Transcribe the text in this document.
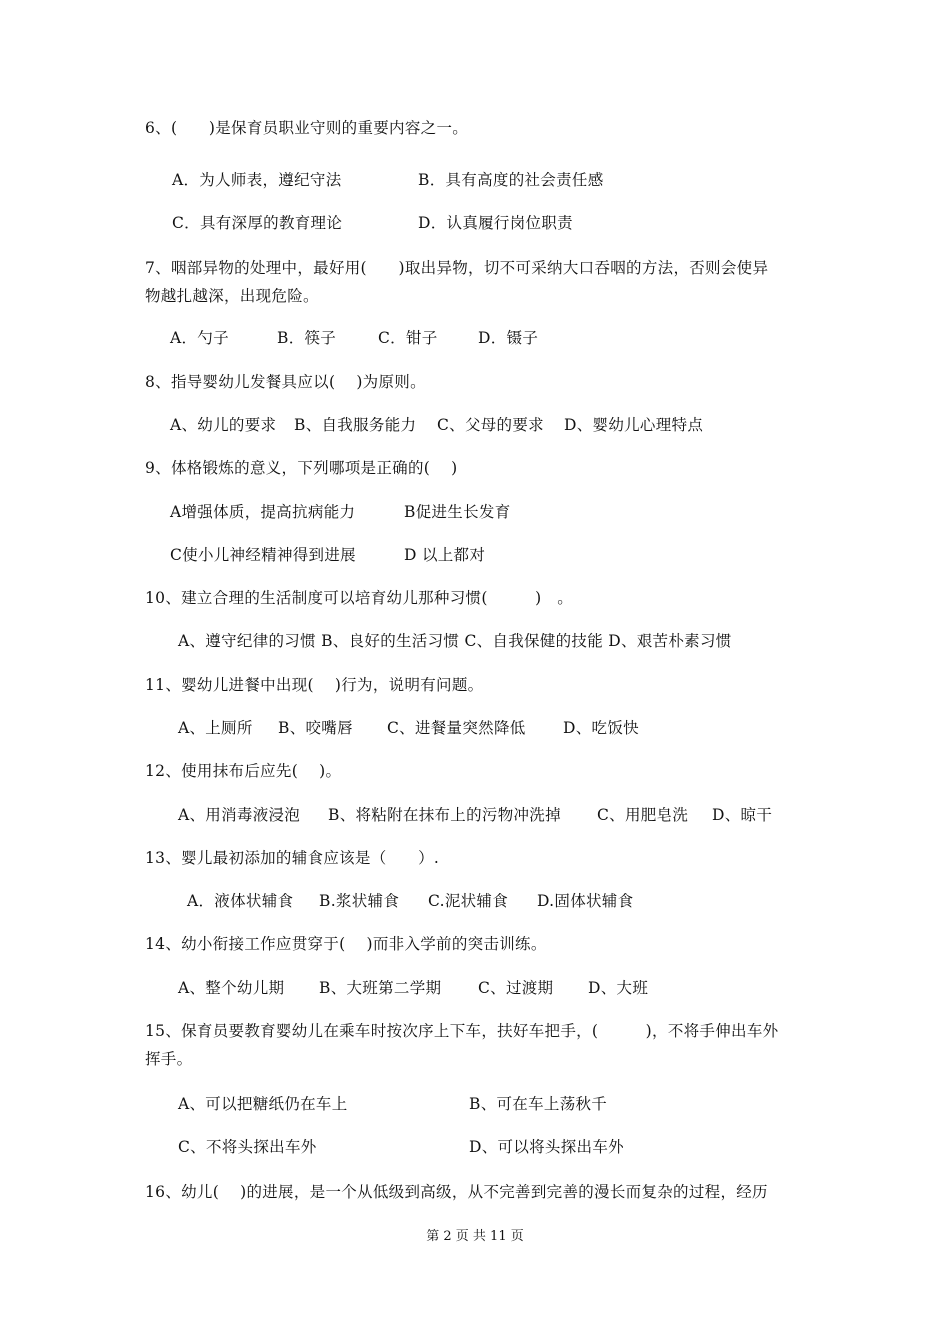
6、(　　)是保育员职业守则的重要内容之一。
A．为人师表，遵纪守法	B．具有高度的社会责任感
C．具有深厚的教育理论	D．认真履行岗位职责
7、咽部异物的处理中，最好用(　　)取出异物，切不可采纳大口吞咽的方法，否则会使异
物越扎越深，出现危险。
A．勺子	B．筷子	C．钳子	D．镊子
8、指导婴幼儿发餐具应以(　 )为原则。
A、幼儿的要求 B、自我服务能力 C、父母的要求 D、婴幼儿心理特点
9、体格锻炼的意义，下列哪项是正确的(　 )
A增强体质，提高抗病能力	B促进生长发育
C使小儿神经精神得到进展	D 以上都对
10、建立合理的生活制度可以培育幼儿那种习惯(　　　)　。
A、遵守纪律的习惯 B、良好的生活习惯 C、自我保健的技能 D、艰苦朴素习惯
11、婴幼儿进餐中出现(　 )行为，说明有问题。
A、上厕所 B、咬嘴唇 C、进餐量突然降低 D、吃饭快
12、使用抹布后应先(　 )。
A、用消毒液浸泡 B、将粘附在抹布上的污物冲洗掉 C、用肥皂洗 D、晾干
13、婴儿最初添加的辅食应该是（　　）.
A．液体状辅食 B.浆状辅食 C.泥状辅食 D.固体状辅食
14、幼小衔接工作应贯穿于(　 )而非入学前的突击训练。
A、整个幼儿期 B、大班第二学期 C、过渡期 D、大班
15、保育员要教育婴幼儿在乘车时按次序上下车，扶好车把手，(　　　)，不将手伸出车外
挥手。
A、可以把糖纸仍在车上	B、可在车上荡秋千
C、不将头探出车外	D、可以将头探出车外
16、幼儿(　 )的进展，是一个从低级到高级，从不完善到完善的漫长而复杂的过程，经历
第 2 页 共 11 页
